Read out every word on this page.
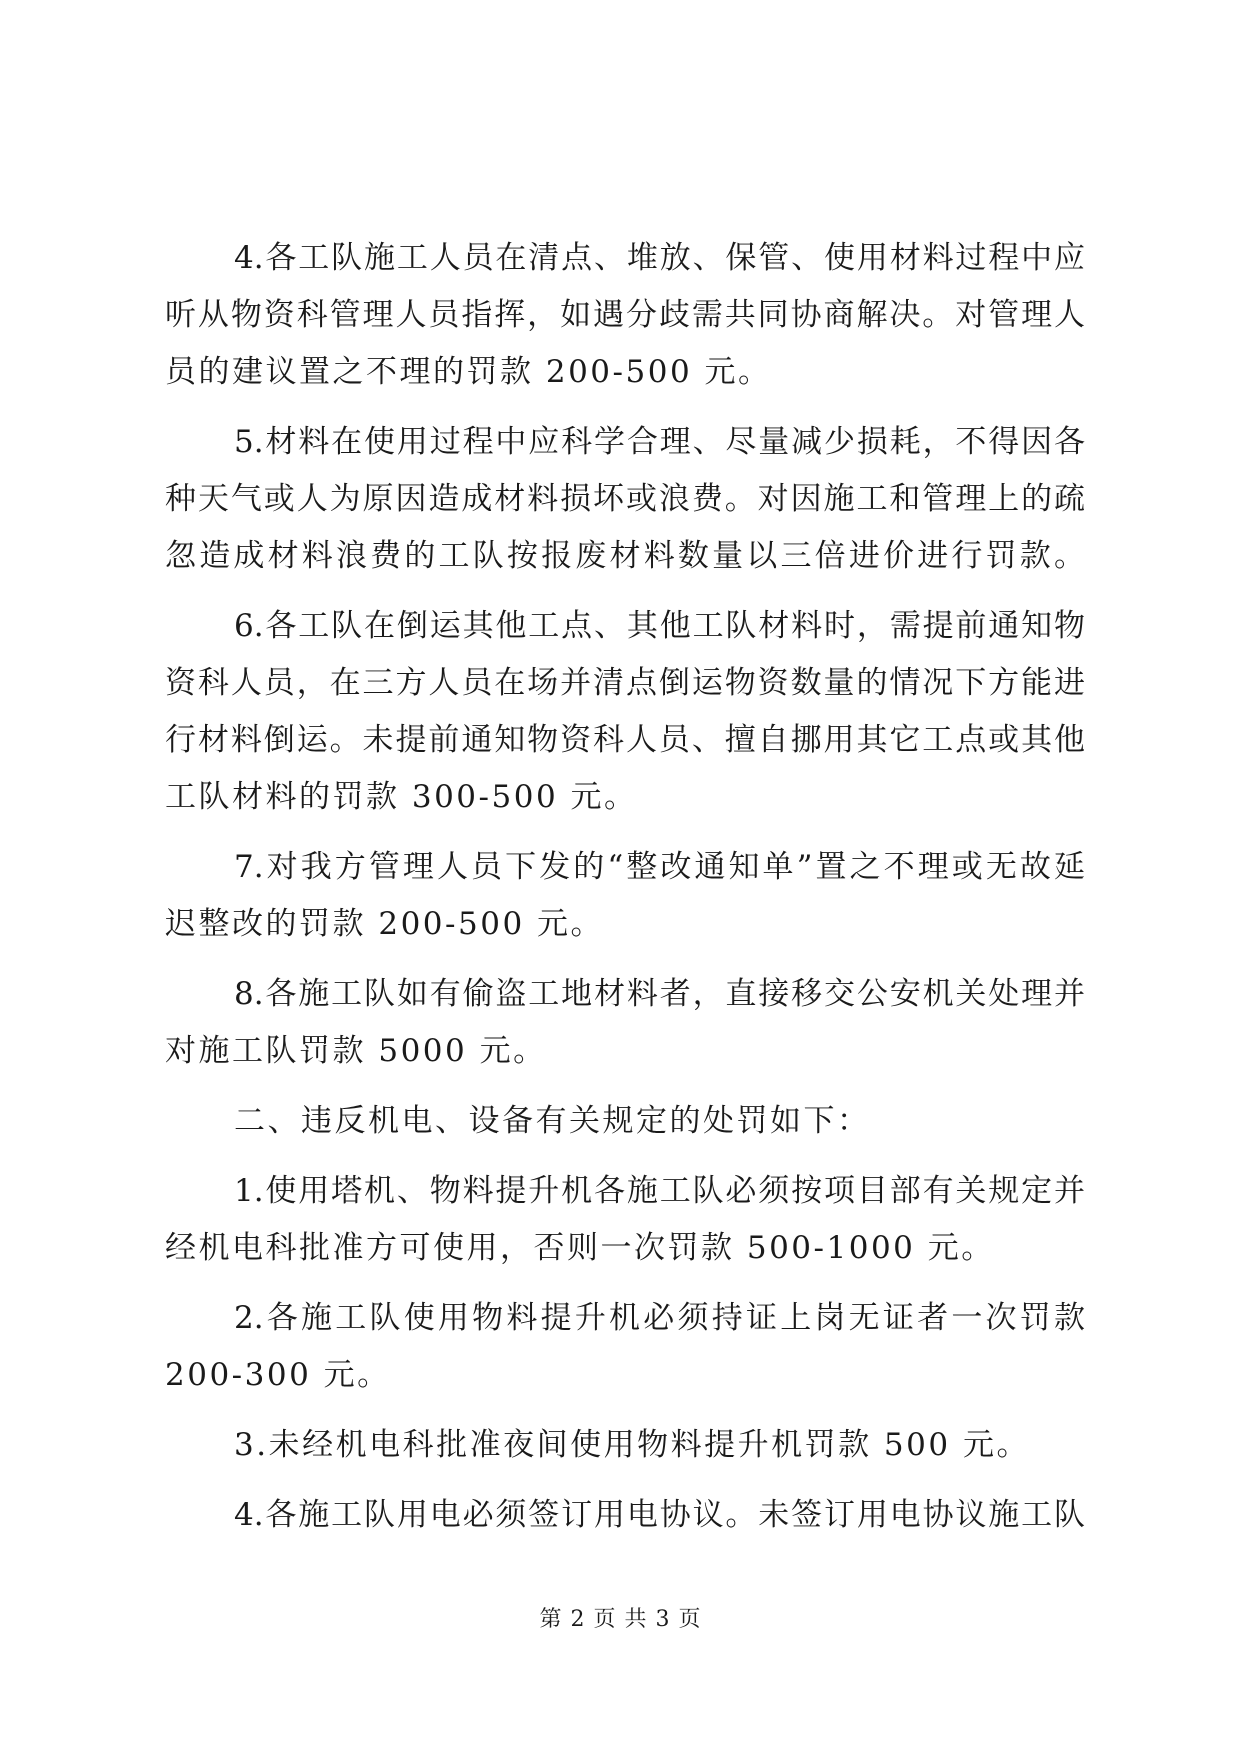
4.各工队施工人员在清点、堆放、保管、使用材料过程中应
听从物资科管理人员指挥，如遇分歧需共同协商解决。对管理人
员的建议置之不理的罚款 200-500 元。
5.材料在使用过程中应科学合理、尽量减少损耗，不得因各
种天气或人为原因造成材料损坏或浪费。对因施工和管理上的疏
忽造成材料浪费的工队按报废材料数量以三倍进价进行罚款。
6.各工队在倒运其他工点、其他工队材料时，需提前通知物
资科人员，在三方人员在场并清点倒运物资数量的情况下方能进
行材料倒运。未提前通知物资科人员、擅自挪用其它工点或其他
工队材料的罚款 300-500 元。
7.对我方管理人员下发的“整改通知单”置之不理或无故延
迟整改的罚款 200-500 元。
8.各施工队如有偷盗工地材料者，直接移交公安机关处理并
对施工队罚款 5000 元。
二、违反机电、设备有关规定的处罚如下：
1.使用塔机、物料提升机各施工队必须按项目部有关规定并
经机电科批准方可使用，否则一次罚款 500-1000 元。
2.各施工队使用物料提升机必须持证上岗无证者一次罚款
200-300 元。
3.未经机电科批准夜间使用物料提升机罚款 500 元。
4.各施工队用电必须签订用电协议。未签订用电协议施工队
第 2 页 共 3 页
